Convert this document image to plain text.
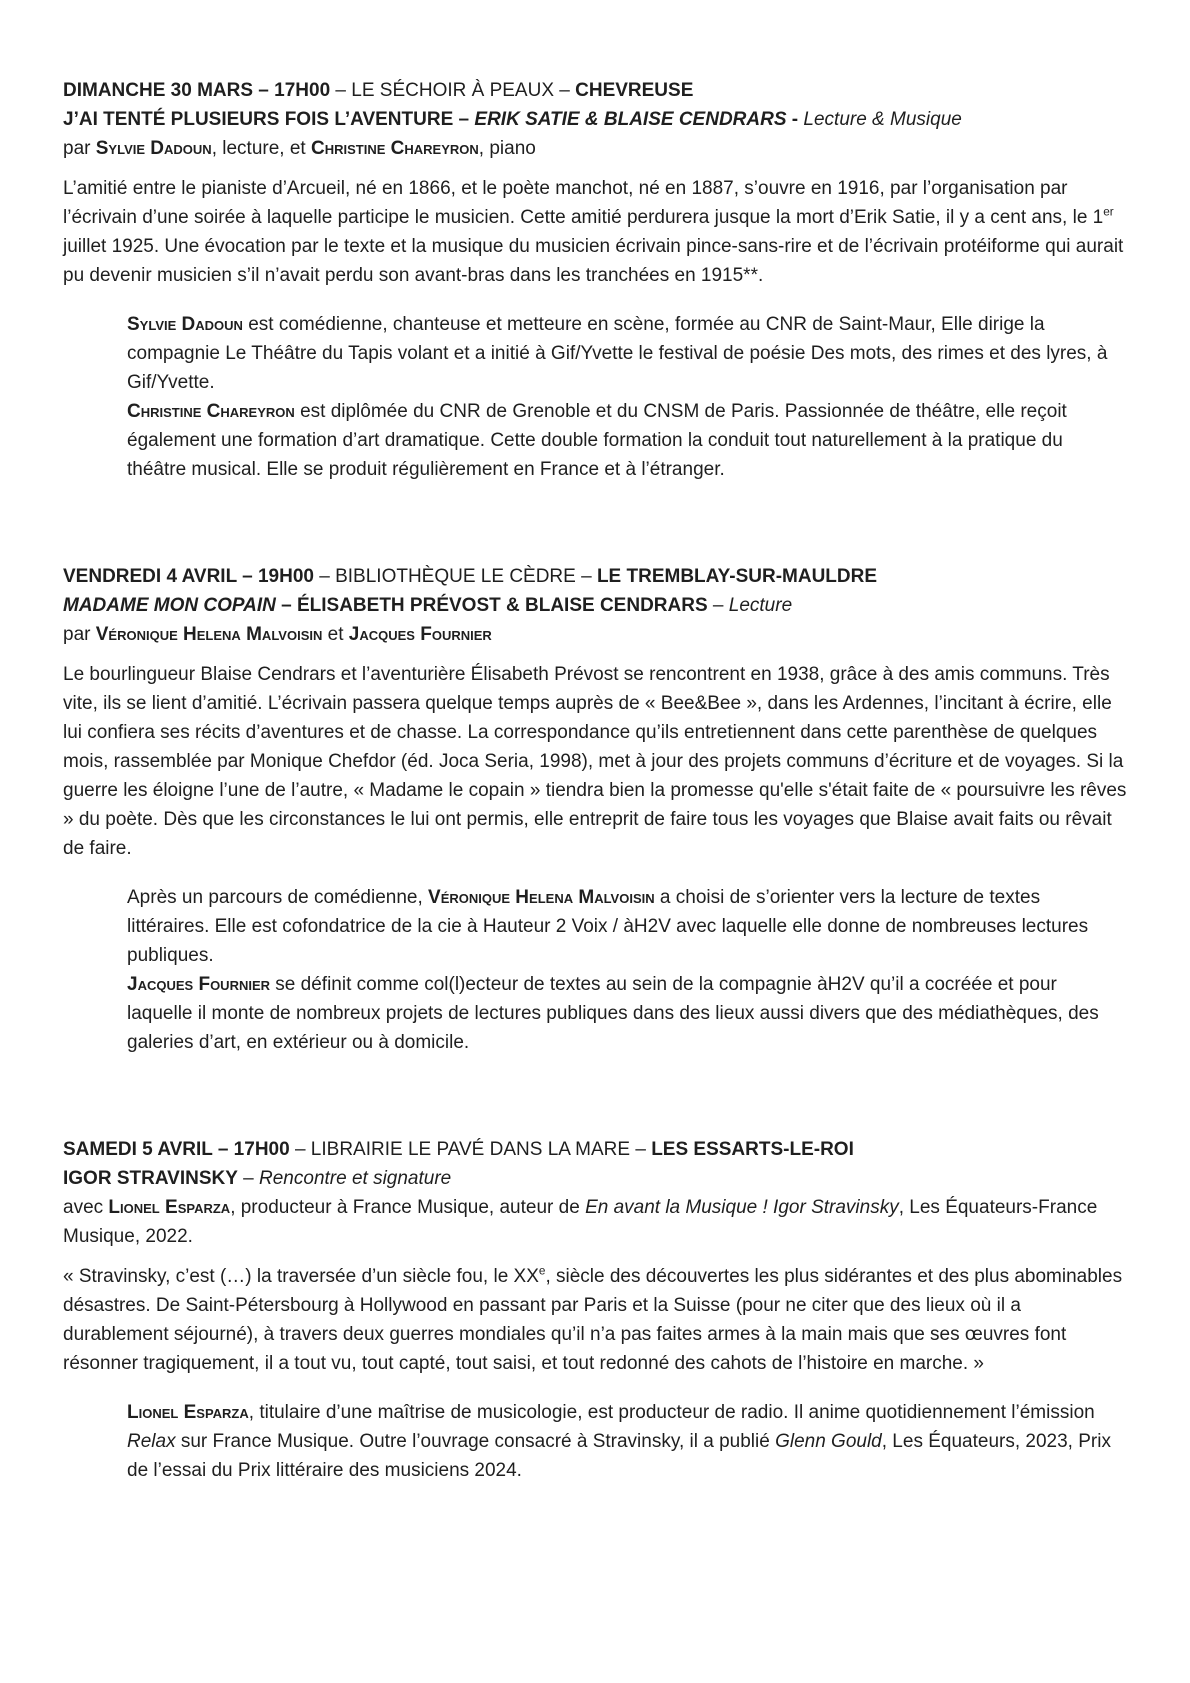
DIMANCHE 30 MARS – 17H00 – LE SÉCHOIR À PEAUX – CHEVREUSE
J’AI TENTÉ PLUSIEURS FOIS L’AVENTURE – ERIK SATIE & BLAISE CENDRARS - Lecture & Musique
par Sylvie Dadoun, lecture, et Christine Chareyron, piano

L’amitié entre le pianiste d’Arcueil, né en 1866, et le poète manchot, né en 1887, s’ouvre en 1916, par l’organisation par l’écrivain d’une soirée à laquelle participe le musicien. Cette amitié perdurera jusque la mort d’Erik Satie, il y a cent ans, le 1er juillet 1925. Une évocation par le texte et la musique du musicien écrivain pince-sans-rire et de l’écrivain protéiforme qui aurait pu devenir musicien s’il n’avait perdu son avant-bras dans les tranchées en 1915**.

Sylvie Dadoun est comédienne, chanteuse et metteure en scène, formée au CNR de Saint-Maur, Elle dirige la compagnie Le Théâtre du Tapis volant et a initié à Gif/Yvette le festival de poésie Des mots, des rimes et des lyres, à Gif/Yvette.

Christine Chareyron est diplômée du CNR de Grenoble et du CNSM de Paris. Passionnée de théâtre, elle reçoit également une formation d’art dramatique. Cette double formation la conduit tout naturellement à la pratique du théâtre musical. Elle se produit régulièrement en France et à l’étranger.

VENDREDI 4 AVRIL – 19H00 – BIBLIOTHÈQUE LE CÈDRE – LE TREMBLAY-SUR-MAULDRE
MADAME MON COPAIN – ÉLISABETH PRÉVOST & BLAISE CENDRARS – Lecture
par Véronique Helena Malvoisin et Jacques Fournier

Le bourlingueur Blaise Cendrars et l’aventurière Élisabeth Prévost se rencontrent en 1938, grâce à des amis communs. Très vite, ils se lient d’amitié. L’écrivain passera quelque temps auprès de « Bee&Bee », dans les Ardennes, l’incitant à écrire, elle lui confiera ses récits d’aventures et de chasse. La correspondance qu’ils entretiennent dans cette parenthèse de quelques mois, rassemblée par Monique Chefdor (éd. Joca Seria, 1998), met à jour des projets communs d’écriture et de voyages. Si la guerre les éloigne l’une de l’autre, « Madame le copain » tiendra bien la promesse qu'elle s'était faite de « poursuivre les rêves » du poète. Dès que les circonstances le lui ont permis, elle entreprit de faire tous les voyages que Blaise avait faits ou rêvait de faire.

Après un parcours de comédienne, Véronique Helena Malvoisin a choisi de s’orienter vers la lecture de textes littéraires. Elle est cofondatrice de la cie à Hauteur 2 Voix / àH2V avec laquelle elle donne de nombreuses lectures publiques.

Jacques Fournier se définit comme col(l)ecteur de textes au sein de la compagnie àH2V qu’il a cocréée et pour laquelle il monte de nombreux projets de lectures publiques dans des lieux aussi divers que des médiathèques, des galeries d’art, en extérieur ou à domicile.

SAMEDI 5 AVRIL – 17H00 – LIBRAIRIE LE PAVÉ DANS LA MARE – LES ESSARTS-LE-ROI
IGOR STRAVINSKY – Rencontre et signature
avec Lionel Esparza, producteur à France Musique, auteur de En avant la Musique ! Igor Stravinsky, Les Équateurs-France Musique, 2022.

« Stravinsky, c’est (…) la traversée d’un siècle fou, le XXe, siècle des découvertes les plus sidérantes et des plus abominables désastres. De Saint-Pétersbourg à Hollywood en passant par Paris et la Suisse (pour ne citer que des lieux où il a durablement séjourné), à travers deux guerres mondiales qu’il n’a pas faites armes à la main mais que ses œuvres font résonner tragiquement, il a tout vu, tout capté, tout saisi, et tout redonné des cahots de l’histoire en marche. »

Lionel Esparza, titulaire d’une maîtrise de musicologie, est producteur de radio. Il anime quotidiennement l’émission Relax sur France Musique. Outre l’ouvrage consacré à Stravinsky, il a publié Glenn Gould, Les Équateurs, 2023, Prix de l’essai du Prix littéraire des musiciens 2024.
